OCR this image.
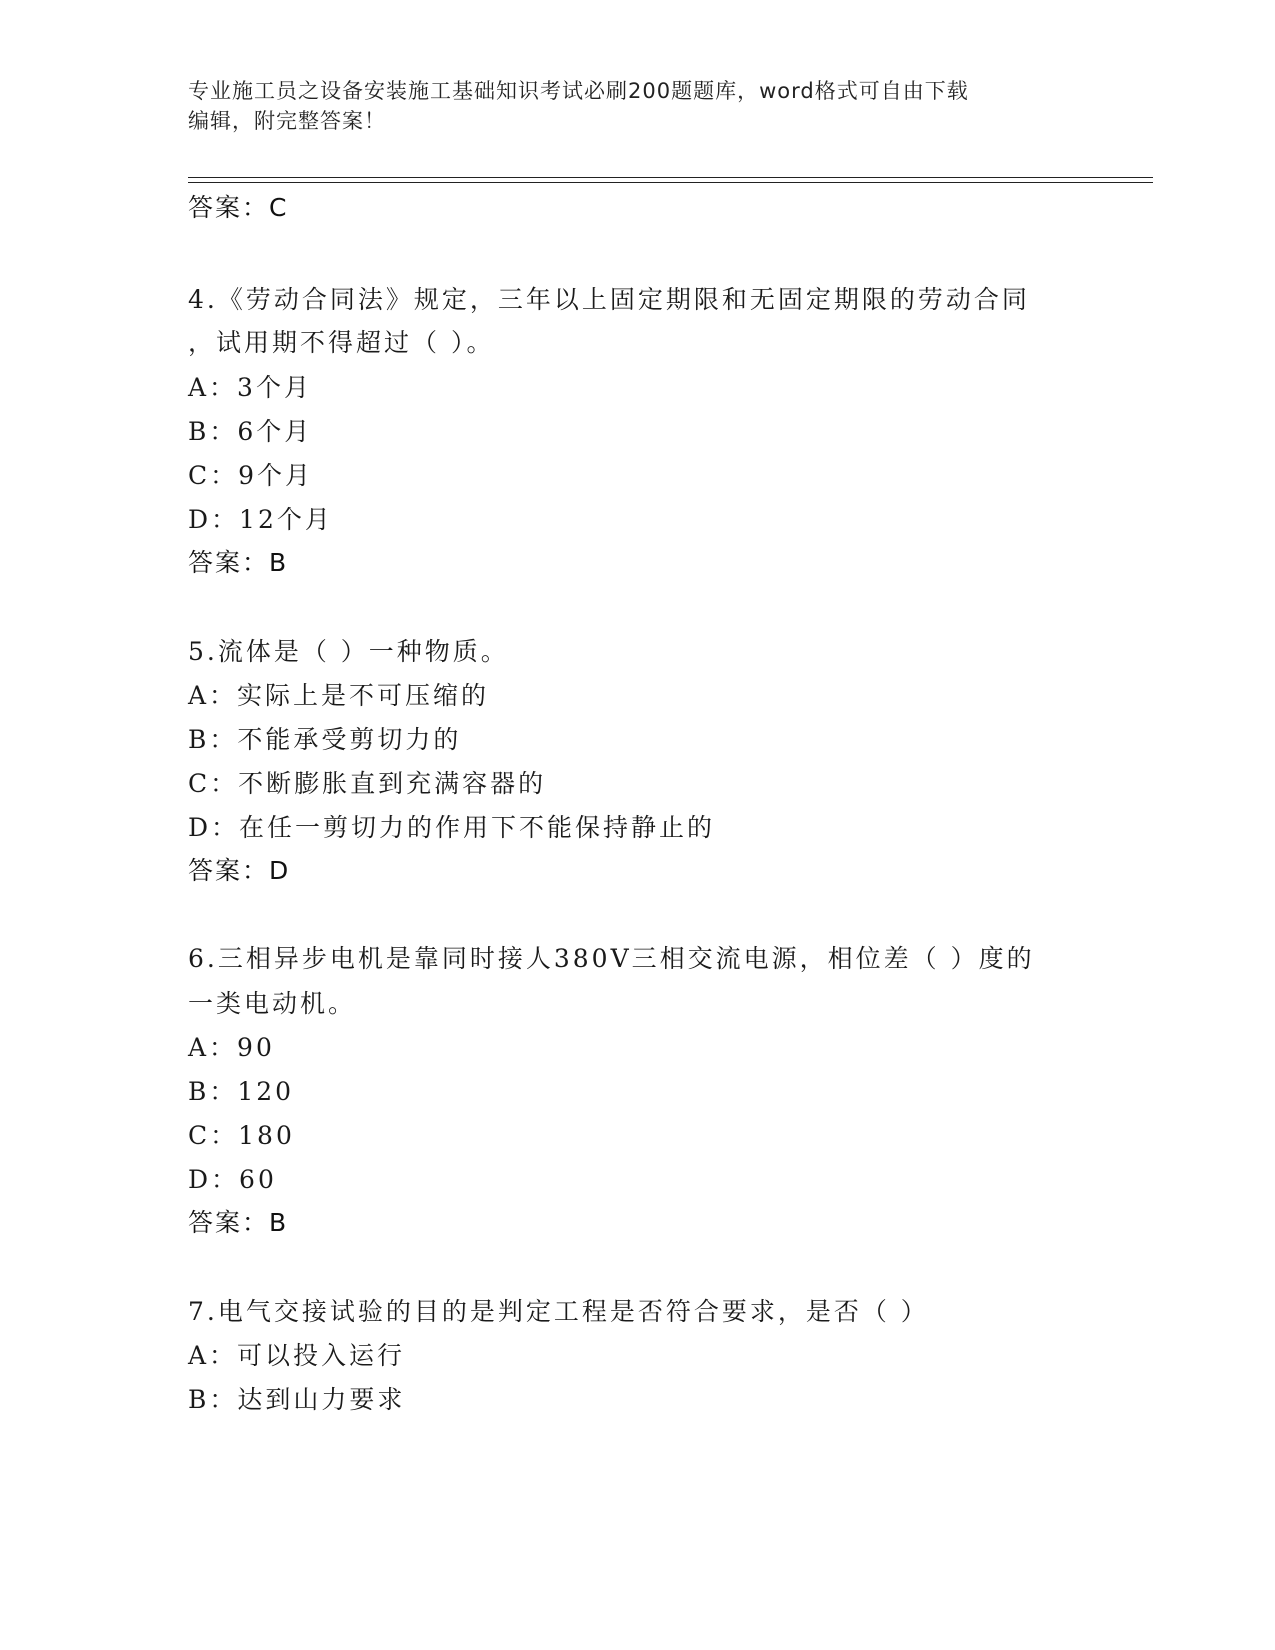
专业施工员之设备安装施工基础知识考试必刷200题题库，word格式可自由下载
编辑，附完整答案！
答案：C
4.《劳动合同法》规定，三年以上固定期限和无固定期限的劳动合同
，试用期不得超过（ ）。
A：3个月
B：6个月
C：9个月
D：12个月
答案：B
5.流体是（ ）一种物质。
A：实际上是不可压缩的
B：不能承受剪切力的
C：不断膨胀直到充满容器的
D：在任一剪切力的作用下不能保持静止的
答案：D
6.三相异步电机是靠同时接人380V三相交流电源，相位差（ ）度的
一类电动机。
A：90
B：120
C：180
D：60
答案：B
7.电气交接试验的目的是判定工程是否符合要求，是否（ ）
A：可以投入运行
B：达到山力要求
